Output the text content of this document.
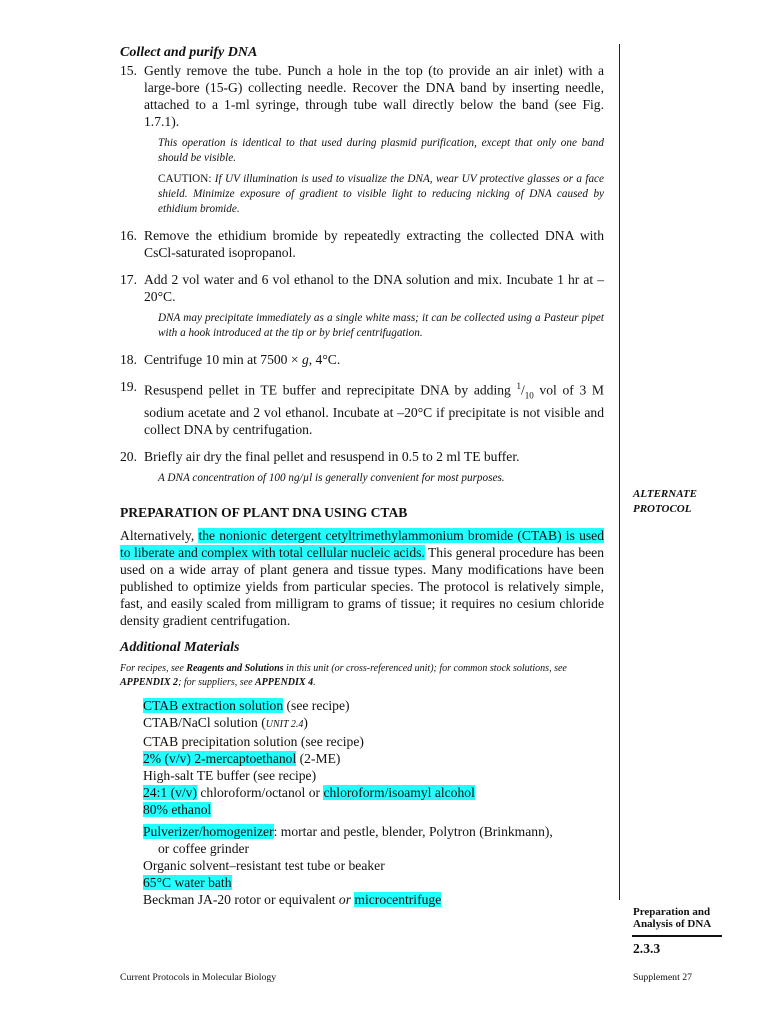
Collect and purify DNA
15. Gently remove the tube. Punch a hole in the top (to provide an air inlet) with a large-bore (15-G) collecting needle. Recover the DNA band by inserting needle, attached to a 1-ml syringe, through tube wall directly below the band (see Fig. 1.7.1).
This operation is identical to that used during plasmid purification, except that only one band should be visible.
CAUTION: If UV illumination is used to visualize the DNA, wear UV protective glasses or a face shield. Minimize exposure of gradient to visible light to reducing nicking of DNA caused by ethidium bromide.
16. Remove the ethidium bromide by repeatedly extracting the collected DNA with CsCl-saturated isopropanol.
17. Add 2 vol water and 6 vol ethanol to the DNA solution and mix. Incubate 1 hr at –20°C.
DNA may precipitate immediately as a single white mass; it can be collected using a Pasteur pipet with a hook introduced at the tip or by brief centrifugation.
18. Centrifuge 10 min at 7500 × g, 4°C.
19. Resuspend pellet in TE buffer and reprecipitate DNA by adding $^1/_{10}$ vol of 3 M sodium acetate and 2 vol ethanol. Incubate at –20°C if precipitate is not visible and collect DNA by centrifugation.
20. Briefly air dry the final pellet and resuspend in 0.5 to 2 ml TE buffer.
A DNA concentration of 100 ng/µl is generally convenient for most purposes.
PREPARATION OF PLANT DNA USING CTAB
Alternatively, the nonionic detergent cetyltrimethylammonium bromide (CTAB) is used to liberate and complex with total cellular nucleic acids. This general procedure has been used on a wide array of plant genera and tissue types. Many modifications have been published to optimize yields from particular species. The protocol is relatively simple, fast, and easily scaled from milligram to grams of tissue; it requires no cesium chloride density gradient centrifugation.
Additional Materials
For recipes, see Reagents and Solutions in this unit (or cross-referenced unit); for common stock solutions, see APPENDIX 2; for suppliers, see APPENDIX 4.
CTAB extraction solution (see recipe)
CTAB/NaCl solution (UNIT 2.4)
CTAB precipitation solution (see recipe)
2% (v/v) 2-mercaptoethanol (2-ME)
High-salt TE buffer (see recipe)
24:1 (v/v) chloroform/octanol or chloroform/isoamyl alcohol
80% ethanol
Pulverizer/homogenizer: mortar and pestle, blender, Polytron (Brinkmann),
or coffee grinder
Organic solvent–resistant test tube or beaker
65°C water bath
Beckman JA-20 rotor or equivalent or microcentrifuge
ALTERNATE
PROTOCOL
Preparation and
Analysis of DNA
2.3.3
Current Protocols in Molecular Biology	Supplement 27
